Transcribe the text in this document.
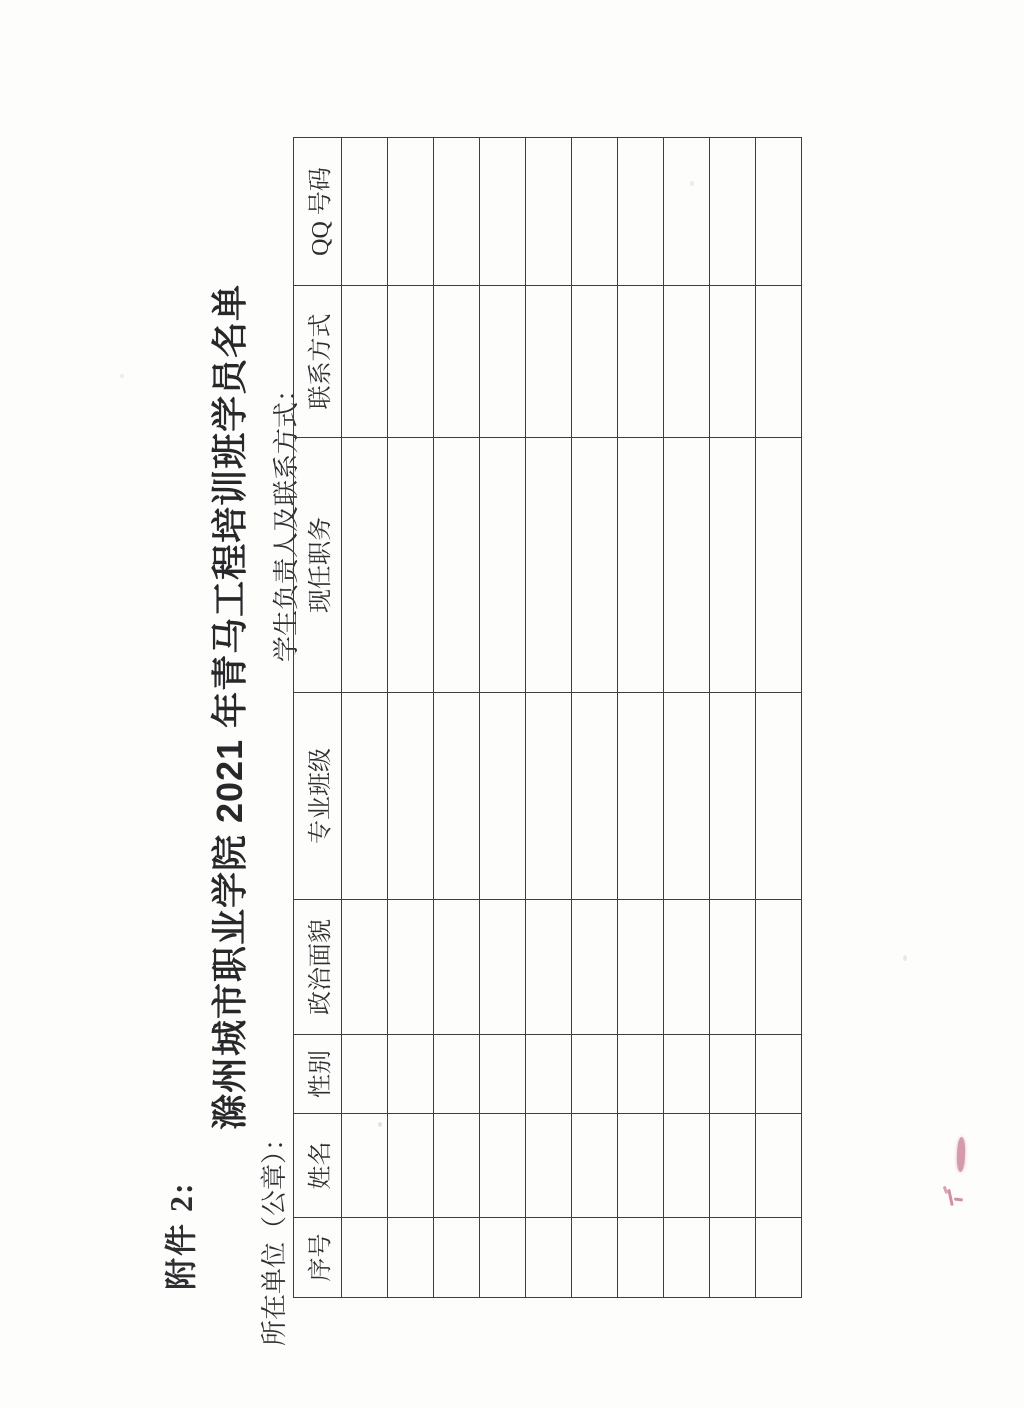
附件 2:
滁州城市职业学院 2021 年青马工程培训班学员名单
所在单位（公章）：
学生负责人及联系方式：
序号	姓名	性别	政治面貌	专业班级	现任职务	联系方式	QQ 号码
